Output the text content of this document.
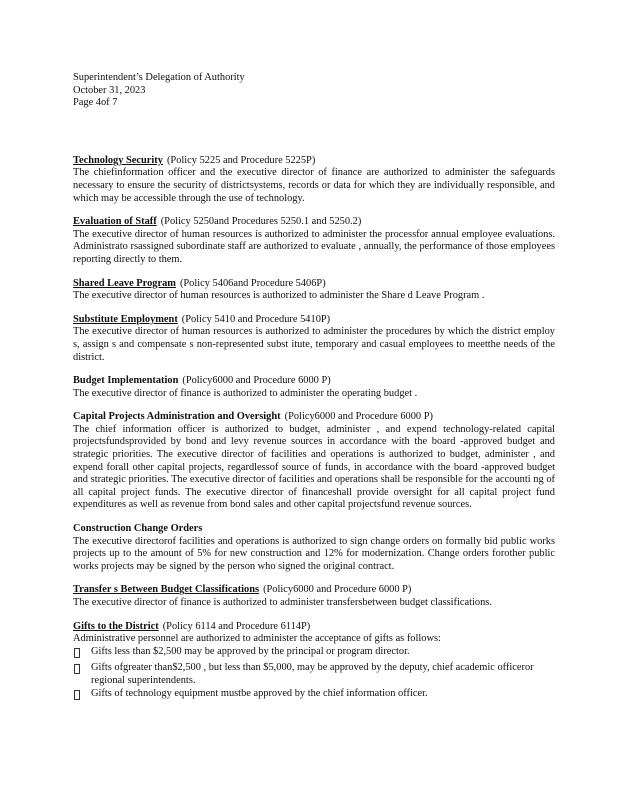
Superintendent’s Delegation of Authority
October 31, 2023
Page 4of 7
Technology Security (Policy 5225 and Procedure 5225P)
The chiefinformation officer and the executive director of finance are authorized to administer the safeguards necessary to ensure the security of districtsystems, records or data for which they are individually responsible, and which may be accessible through the use of technology.
Evaluation of Staff (Policy 5250and Procedures 5250.1 and 5250.2)
The executive director of human resources is authorized to administer the processfor annual employee evaluations. Administrato rsassigned subordinate staff are authorized to evaluate , annually, the performance of those employees reporting directly to them.
Shared Leave Program (Policy 5406and Procedure 5406P)
The executive director of human resources is authorized to administer the Share d Leave Program .
Substitute Employment (Policy 5410 and Procedure 5410P)
The executive director of human resources is authorized to administer the procedures by which the district employ s, assign s and compensate s non-represented subst itute, temporary and casual employees to meetthe needs of the district.
Budget Implementation (Policy6000 and Procedure 6000 P)
The executive director of finance is authorized to administer the operating budget .
Capital Projects Administration and Oversight (Policy6000 and Procedure 6000 P)
The chief information officer is authorized to budget, administer , and expend technology-related capital projectsfundsprovided by bond and levy revenue sources in accordance with the board -approved budget and strategic priorities. The executive director of facilities and operations is authorized to budget, administer , and expend forall other capital projects, regardlessof source of funds, in accordance with the board -approved budget and strategic priorities. The executive director of facilities and operations shall be responsible for the accounti ng of all capital project funds. The executive director of financeshall provide oversight for all capital project fund expenditures as well as revenue from bond sales and other capital projectsfund revenue sources.
Construction Change Orders
The executive directorof facilities and operations is authorized to sign change orders on formally bid public works projects up to the amount of 5% for new construction and 12% for modernization. Change orders forother public works projects may be signed by the person who signed the original contract.
Transfer s Between Budget Classifications (Policy6000 and Procedure 6000 P)
The executive director of finance is authorized to administer transfersbetween budget classifications.
Gifts to the District (Policy 6114 and Procedure 6114P)
Administrative personnel are authorized to administer the acceptance of gifts as follows:
Gifts less than $2,500 may be approved by the principal or program director.
Gifts ofgreater than$2,500 , but less than $5,000, may be approved by the deputy, chief academic officeror regional superintendents.
Gifts of technology equipment mustbe approved by the chief information officer.
